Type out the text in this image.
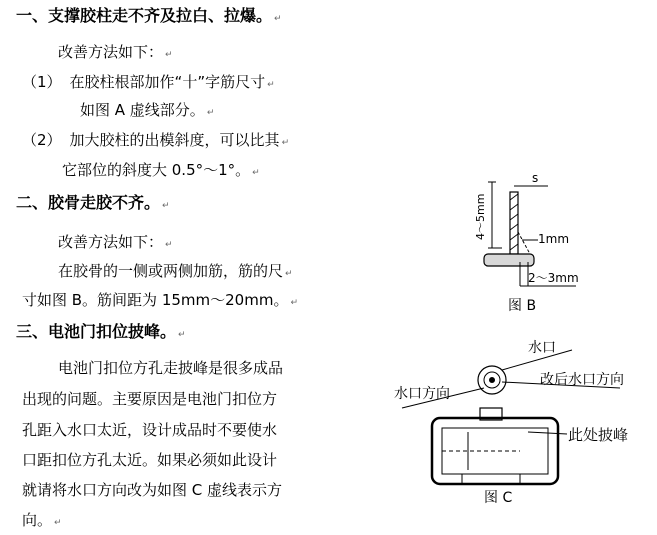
一、支撑胶柱走不齐及拉白、拉爆。 ↵
改善方法如下： ↵
（1） 在胶柱根部加作“十”字筋尺寸 ↵
如图 A 虚线部分。 ↵
（2） 加大胶柱的出模斜度，可以比其 ↵
它部位的斜度大 0.5°～1°。 ↵
二、胶骨走胶不齐。 ↵
改善方法如下： ↵
在胶骨的一侧或两侧加筋，筋的尺 ↵
寸如图 B。筋间距为 15mm～20mm。 ↵
三、电池门扣位披峰。 ↵
电池门扣位方孔走披峰是很多成品
出现的问题。主要原因是电池门扣位方
孔距入水口太近，设计成品时不要使水
口距扣位方孔太近。如果必须如此设计
就请将水口方向改为如图 C 虚线表示方
向。 ↵
4～5mm
s
1mm
2～3mm
图 B
水口
改后水口方向
水口方向
此处披峰
图 C
